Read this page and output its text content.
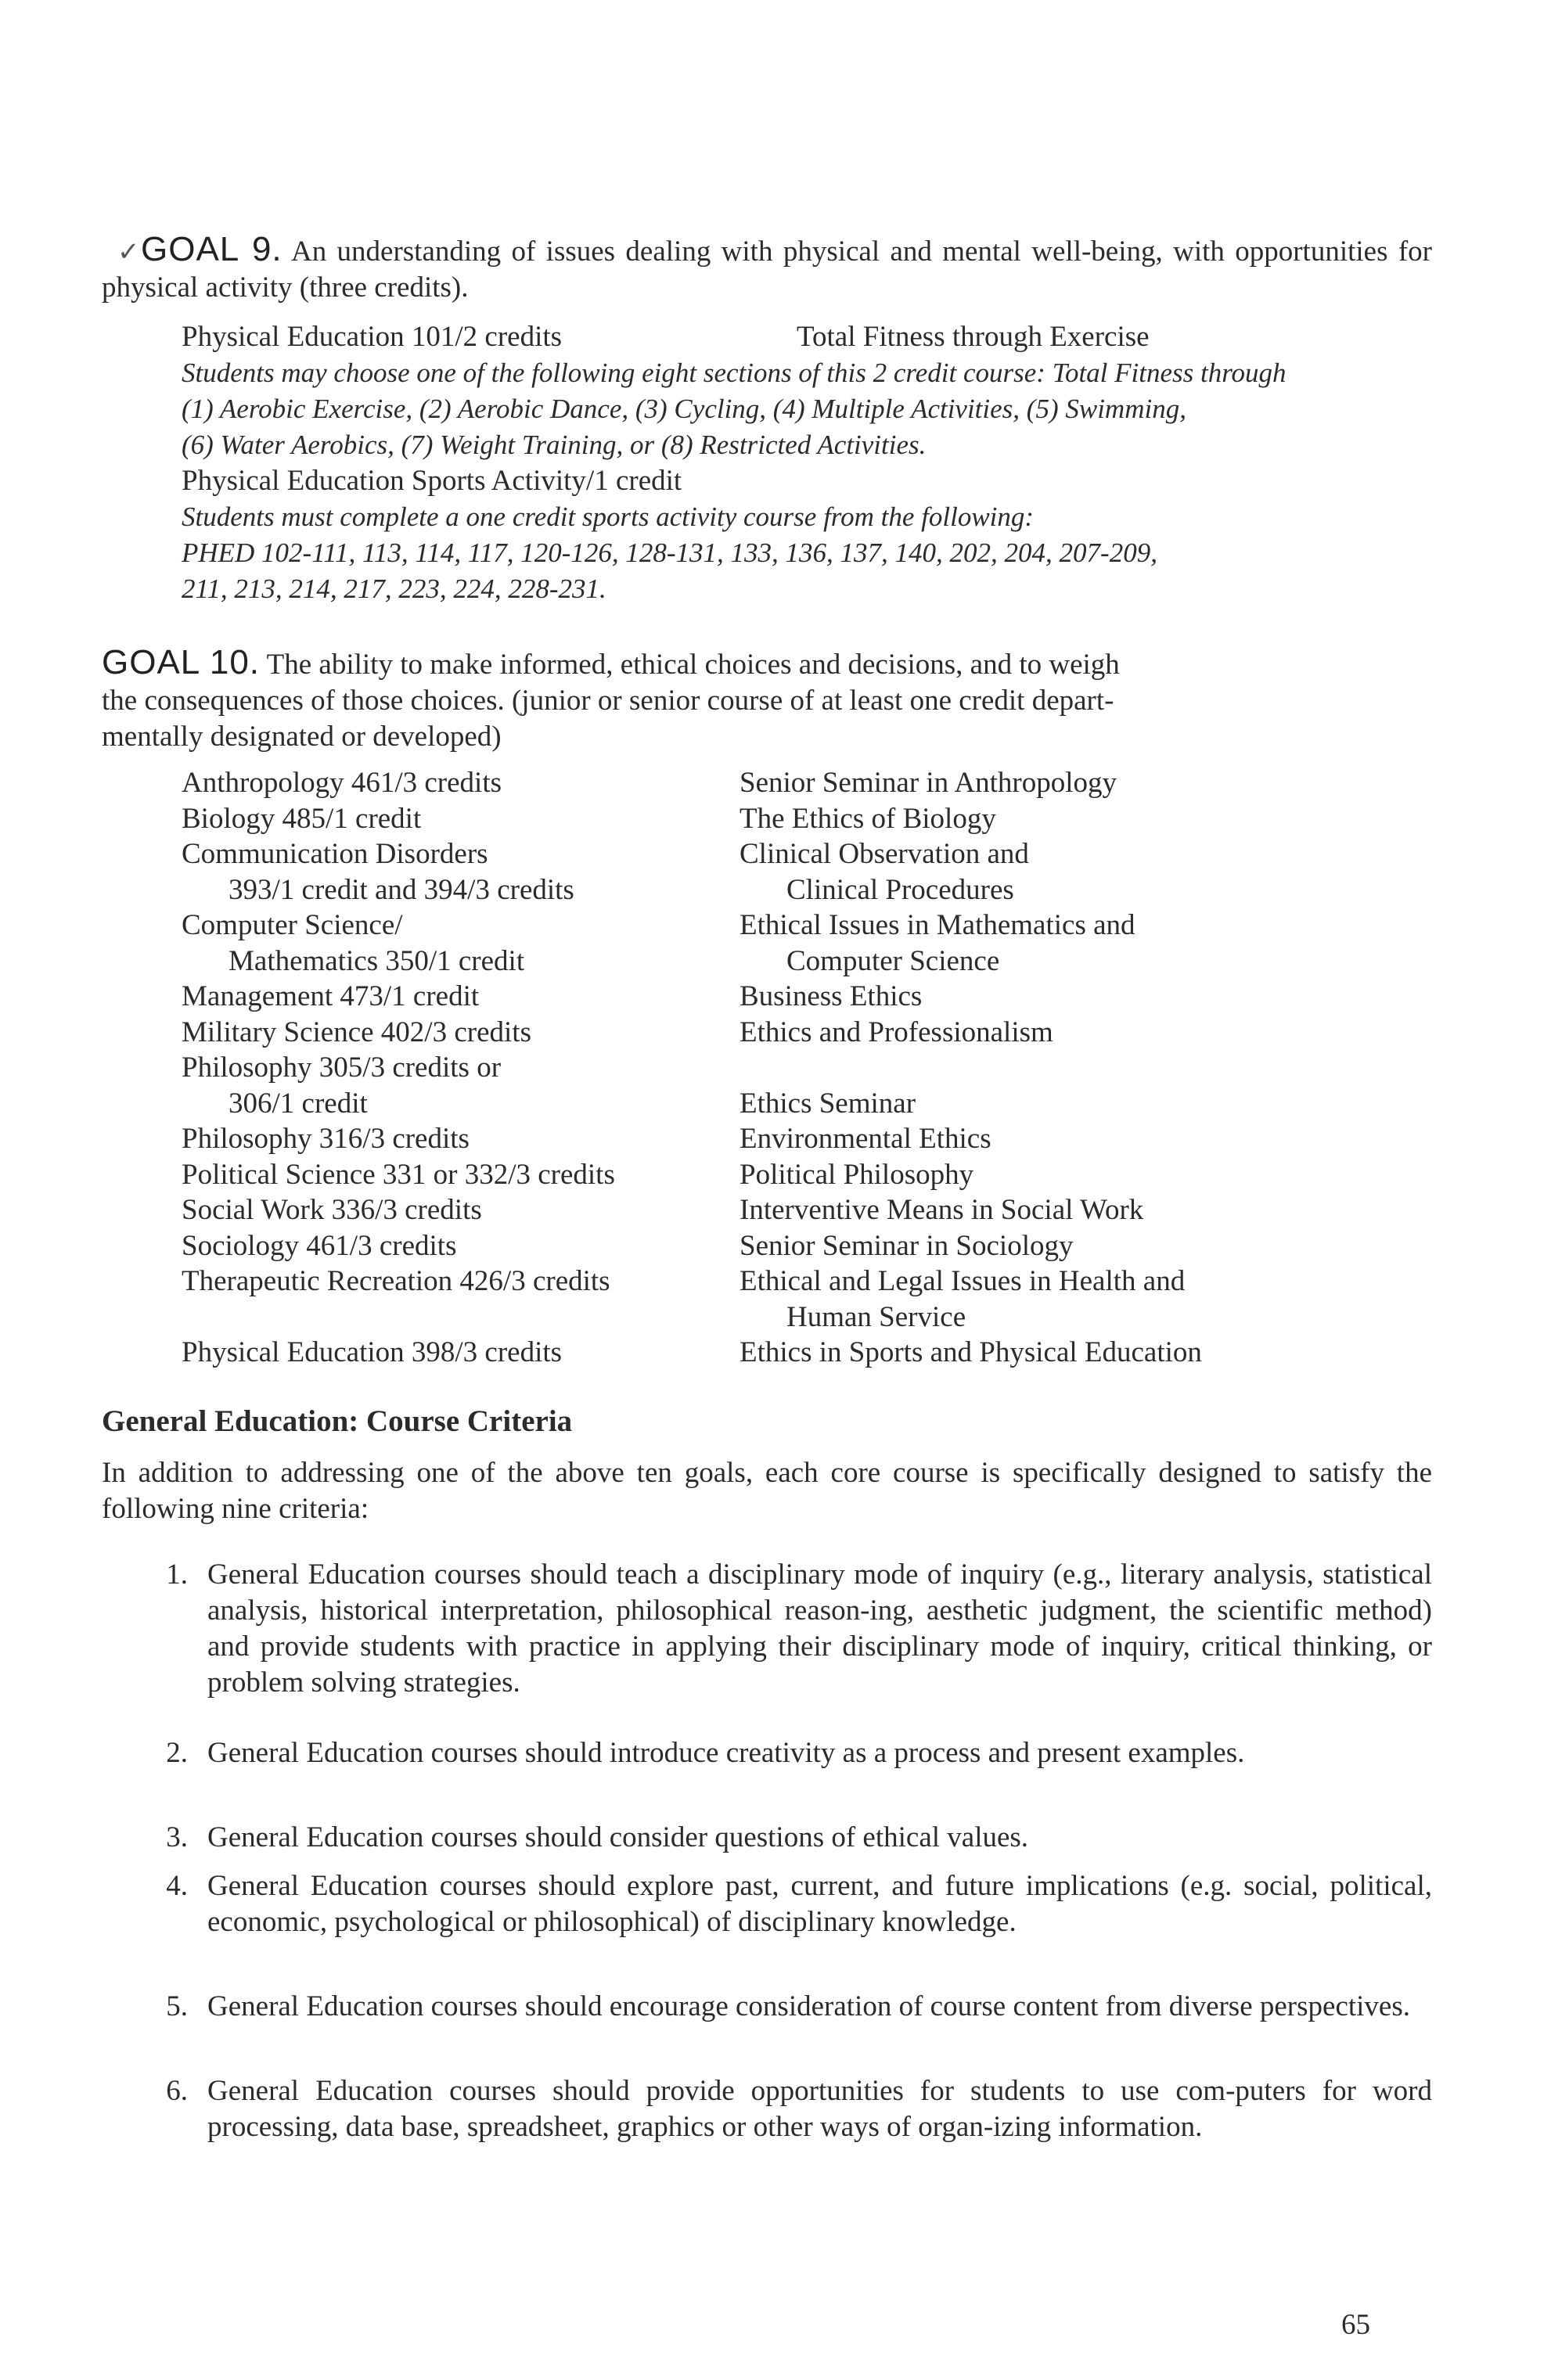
✓ GOAL 9. An understanding of issues dealing with physical and mental well-being, with opportunities for physical activity (three credits).
Physical Education 101/2 credits	Total Fitness through Exercise
Students may choose one of the following eight sections of this 2 credit course: Total Fitness through
(1) Aerobic Exercise, (2) Aerobic Dance, (3) Cycling, (4) Multiple Activities, (5) Swimming,
(6) Water Aerobics, (7) Weight Training, or (8) Restricted Activities.
Physical Education Sports Activity/1 credit
Students must complete a one credit sports activity course from the following:
PHED 102-111, 113, 114, 117, 120-126, 128-131, 133, 136, 137, 140, 202, 204, 207-209,
211, 213, 214, 217, 223, 224, 228-231.
GOAL 10. The ability to make informed, ethical choices and decisions, and to weigh
the consequences of those choices. (junior or senior course of at least one credit depart-
mentally designated or developed)
Anthropology 461/3 credits	Senior Seminar in Anthropology
Biology 485/1 credit	The Ethics of Biology
Communication Disorders	Clinical Observation and
393/1 credit and 394/3 credits	Clinical Procedures
Computer Science/	Ethical Issues in Mathematics and
Mathematics 350/1 credit	Computer Science
Management 473/1 credit	Business Ethics
Military Science 402/3 credits	Ethics and Professionalism
Philosophy 305/3 credits or
306/1 credit	Ethics Seminar
Philosophy 316/3 credits	Environmental Ethics
Political Science 331 or 332/3 credits	Political Philosophy
Social Work 336/3 credits	Interventive Means in Social Work
Sociology 461/3 credits	Senior Seminar in Sociology
Therapeutic Recreation 426/3 credits	Ethical and Legal Issues in Health and
Human Service
Physical Education 398/3 credits	Ethics in Sports and Physical Education
General Education: Course Criteria
In addition to addressing one of the above ten goals, each core course is specifically designed to satisfy the following nine criteria:
1. General Education courses should teach a disciplinary mode of inquiry (e.g., literary analysis, statistical analysis, historical interpretation, philosophical reason-ing, aesthetic judgment, the scientific method) and provide students with practice in applying their disciplinary mode of inquiry, critical thinking, or problem solving strategies.
2. General Education courses should introduce creativity as a process and present examples.
3. General Education courses should consider questions of ethical values.
4. General Education courses should explore past, current, and future implications (e.g. social, political, economic, psychological or philosophical) of disciplinary knowledge.
5. General Education courses should encourage consideration of course content from diverse perspectives.
6. General Education courses should provide opportunities for students to use com-puters for word processing, data base, spreadsheet, graphics or other ways of organ-izing information.
65
